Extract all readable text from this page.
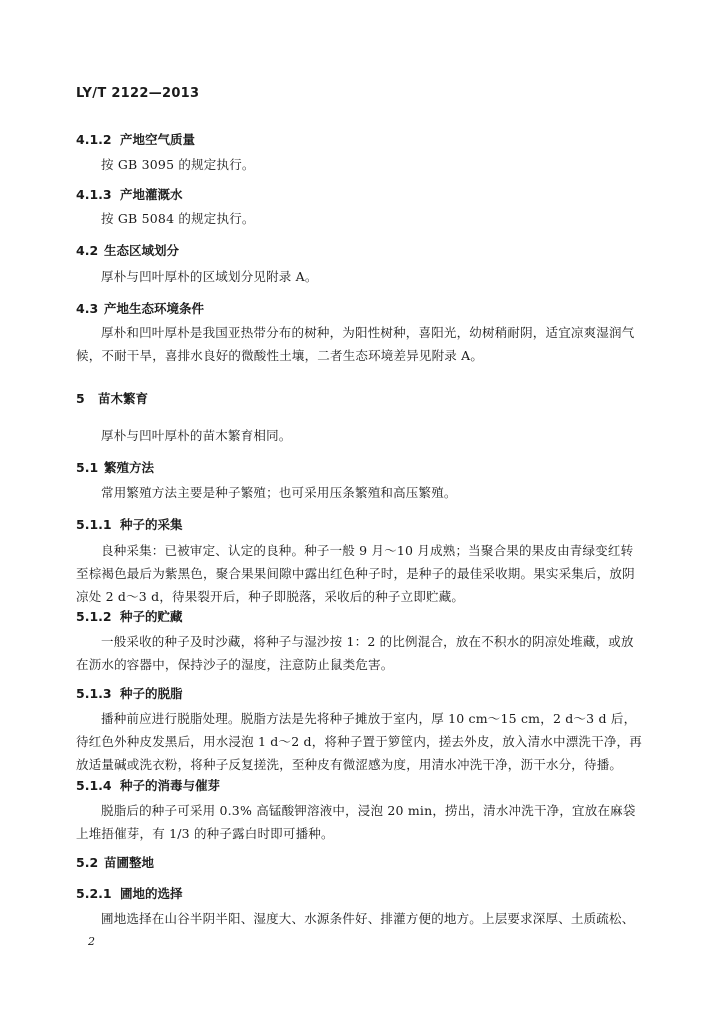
LY/T 2122—2013
4.1.2 产地空气质量
按 GB 3095 的规定执行。
4.1.3 产地灌溉水
按 GB 5084 的规定执行。
4.2 生态区域划分
厚朴与凹叶厚朴的区域划分见附录 A。
4.3 产地生态环境条件
厚朴和凹叶厚朴是我国亚热带分布的树种，为阳性树种，喜阳光，幼树稍耐阴，适宜凉爽湿润气候，不耐干旱，喜排水良好的微酸性土壤，二者生态环境差异见附录 A。
5 苗木繁育
厚朴与凹叶厚朴的苗木繁育相同。
5.1 繁殖方法
常用繁殖方法主要是种子繁殖；也可采用压条繁殖和高压繁殖。
5.1.1 种子的采集
良种采集：已被审定、认定的良种。种子一般 9 月～10 月成熟；当聚合果的果皮由青绿变红转至棕褐色最后为紫黑色，聚合果果间隙中露出红色种子时，是种子的最佳采收期。果实采集后，放阴凉处 2 d～3 d，待果裂开后，种子即脱落，采收后的种子立即贮藏。
5.1.2 种子的贮藏
一般采收的种子及时沙藏，将种子与湿沙按 1：2 的比例混合，放在不积水的阴凉处堆藏，或放在沥水的容器中，保持沙子的湿度，注意防止鼠类危害。
5.1.3 种子的脱脂
播种前应进行脱脂处理。脱脂方法是先将种子摊放于室内，厚 10 cm～15 cm，2 d～3 d 后，待红色外种皮发黑后，用水浸泡 1 d～2 d，将种子置于箩筐内，搓去外皮，放入清水中漂洗干净，再放适量碱或洗衣粉，将种子反复搓洗，至种皮有微涩感为度，用清水冲洗干净，沥干水分，待播。
5.1.4 种子的消毒与催芽
脱脂后的种子可采用 0.3% 高锰酸钾溶液中，浸泡 20 min，捞出，清水冲洗干净，宜放在麻袋上堆捂催芽，有 1/3 的种子露白时即可播种。
5.2 苗圃整地
5.2.1 圃地的选择
圃地选择在山谷半阴半阳、湿度大、水源条件好、排灌方便的地方。上层要求深厚、土质疏松、
2
